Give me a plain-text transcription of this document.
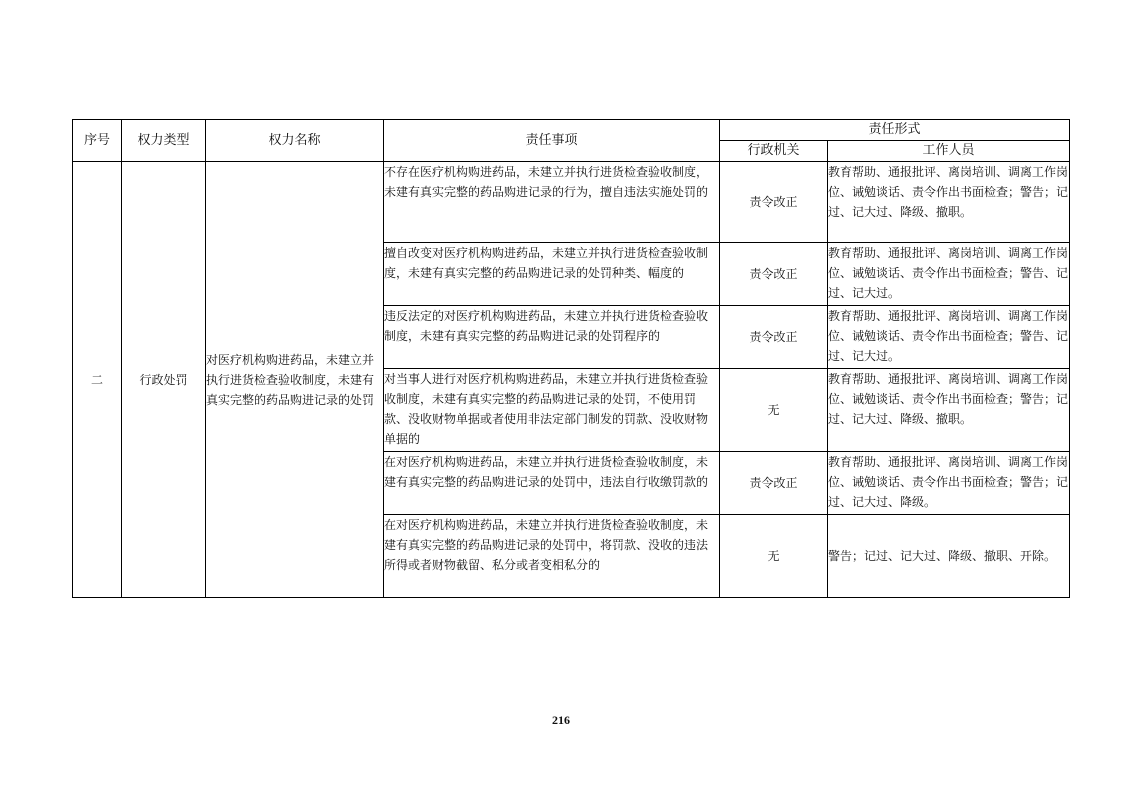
序号	权力类型	权力名称	责任事项	责任形式	
				行政机关	工作人员
二	行政处罚	对医疗机构购进药品，未建立并执行进货检查验收制度，未建有真实完整的药品购进记录的处罚	不存在医疗机构购进药品，未建立并执行进货检查验收制度，未建有真实完整的药品购进记录的行为，擅自违法实施处罚的	责令改正	教育帮助、通报批评、离岗培训、调离工作岗位、诫勉谈话、责令作出书面检查；警告；记过、记大过、降级、撤职。
			擅自改变对医疗机构购进药品，未建立并执行进货检查验收制度，未建有真实完整的药品购进记录的处罚种类、幅度的	责令改正	教育帮助、通报批评、离岗培训、调离工作岗位、诫勉谈话、责令作出书面检查；警告、记过、记大过。
			违反法定的对医疗机构购进药品，未建立并执行进货检查验收制度，未建有真实完整的药品购进记录的处罚程序的	责令改正	教育帮助、通报批评、离岗培训、调离工作岗位、诫勉谈话、责令作出书面检查；警告、记过、记大过。
			对当事人进行对医疗机构购进药品，未建立并执行进货检查验收制度，未建有真实完整的药品购进记录的处罚，不使用罚款、没收财物单据或者使用非法定部门制发的罚款、没收财物单据的	无	教育帮助、通报批评、离岗培训、调离工作岗位、诫勉谈话、责令作出书面检查；警告；记过、记大过、降级、撤职。
			在对医疗机构购进药品，未建立并执行进货检查验收制度，未建有真实完整的药品购进记录的处罚中，违法自行收缴罚款的	责令改正	教育帮助、通报批评、离岗培训、调离工作岗位、诫勉谈话、责令作出书面检查；警告；记过、记大过、降级。
			在对医疗机构购进药品，未建立并执行进货检查验收制度，未建有真实完整的药品购进记录的处罚中，将罚款、没收的违法所得或者财物截留、私分或者变相私分的	无	警告；记过、记大过、降级、撤职、开除。
216
